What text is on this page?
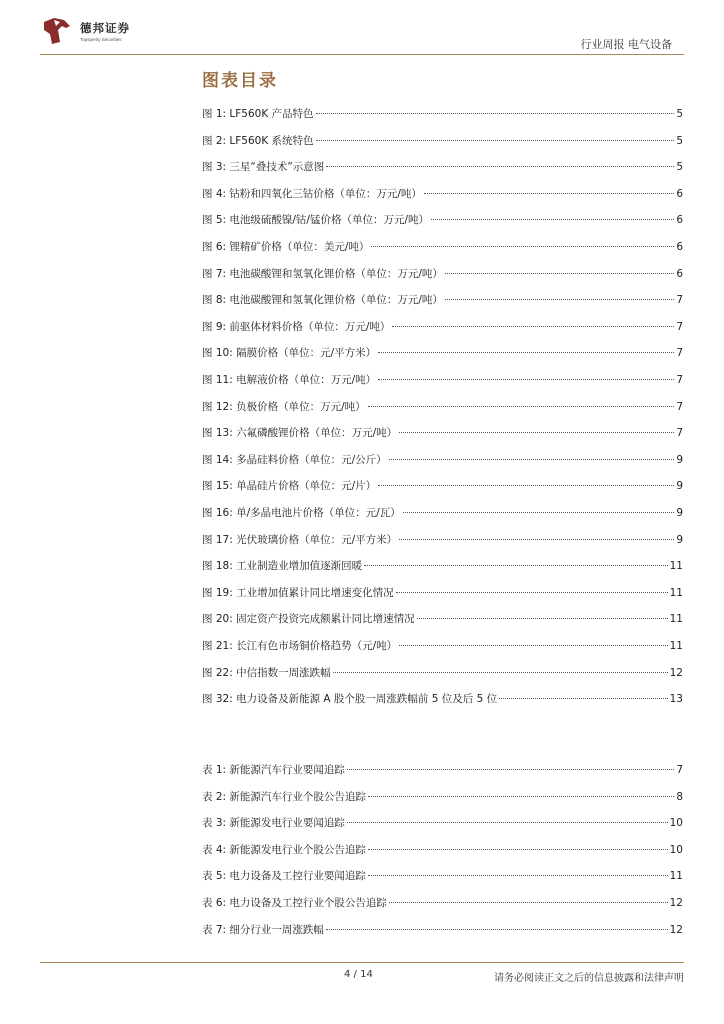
德邦证券
Topsperity Securities	行业周报 电气设备
图表目录
图 1: LF560K 产品特色	5
图 2: LF560K 系统特色	5
图 3: 三星“叠技术”示意图	5
图 4: 钴粉和四氧化三钴价格（单位：万元/吨）	6
图 5: 电池级硫酸镍/钴/锰价格（单位：万元/吨）	6
图 6: 锂精矿价格（单位：美元/吨）	6
图 7: 电池碳酸锂和氢氧化锂价格（单位：万元/吨）	6
图 8: 电池碳酸锂和氢氧化锂价格（单位：万元/吨）	7
图 9: 前驱体材料价格（单位：万元/吨）	7
图 10: 隔膜价格（单位：元/平方米）	7
图 11: 电解液价格（单位：万元/吨）	7
图 12: 负极价格（单位：万元/吨）	7
图 13: 六氟磷酸锂价格（单位：万元/吨）	7
图 14: 多晶硅料价格（单位：元/公斤）	9
图 15: 单晶硅片价格（单位：元/片）	9
图 16: 单/多晶电池片价格（单位：元/瓦）	9
图 17: 光伏玻璃价格（单位：元/平方米）	9
图 18: 工业制造业增加值逐渐回暖	11
图 19: 工业增加值累计同比增速变化情况	11
图 20: 固定资产投资完成额累计同比增速情况	11
图 21: 长江有色市场铜价格趋势（元/吨）	11
图 22: 中信指数一周涨跌幅	12
图 32: 电力设备及新能源 A 股个股一周涨跌幅前 5 位及后 5 位	13
表 1: 新能源汽车行业要闻追踪	7
表 2: 新能源汽车行业个股公告追踪	8
表 3: 新能源发电行业要闻追踪	10
表 4: 新能源发电行业个股公告追踪	10
表 5: 电力设备及工控行业要闻追踪	11
表 6: 电力设备及工控行业个股公告追踪	12
表 7: 细分行业一周涨跌幅	12
4 / 14	请务必阅读正文之后的信息披露和法律声明
